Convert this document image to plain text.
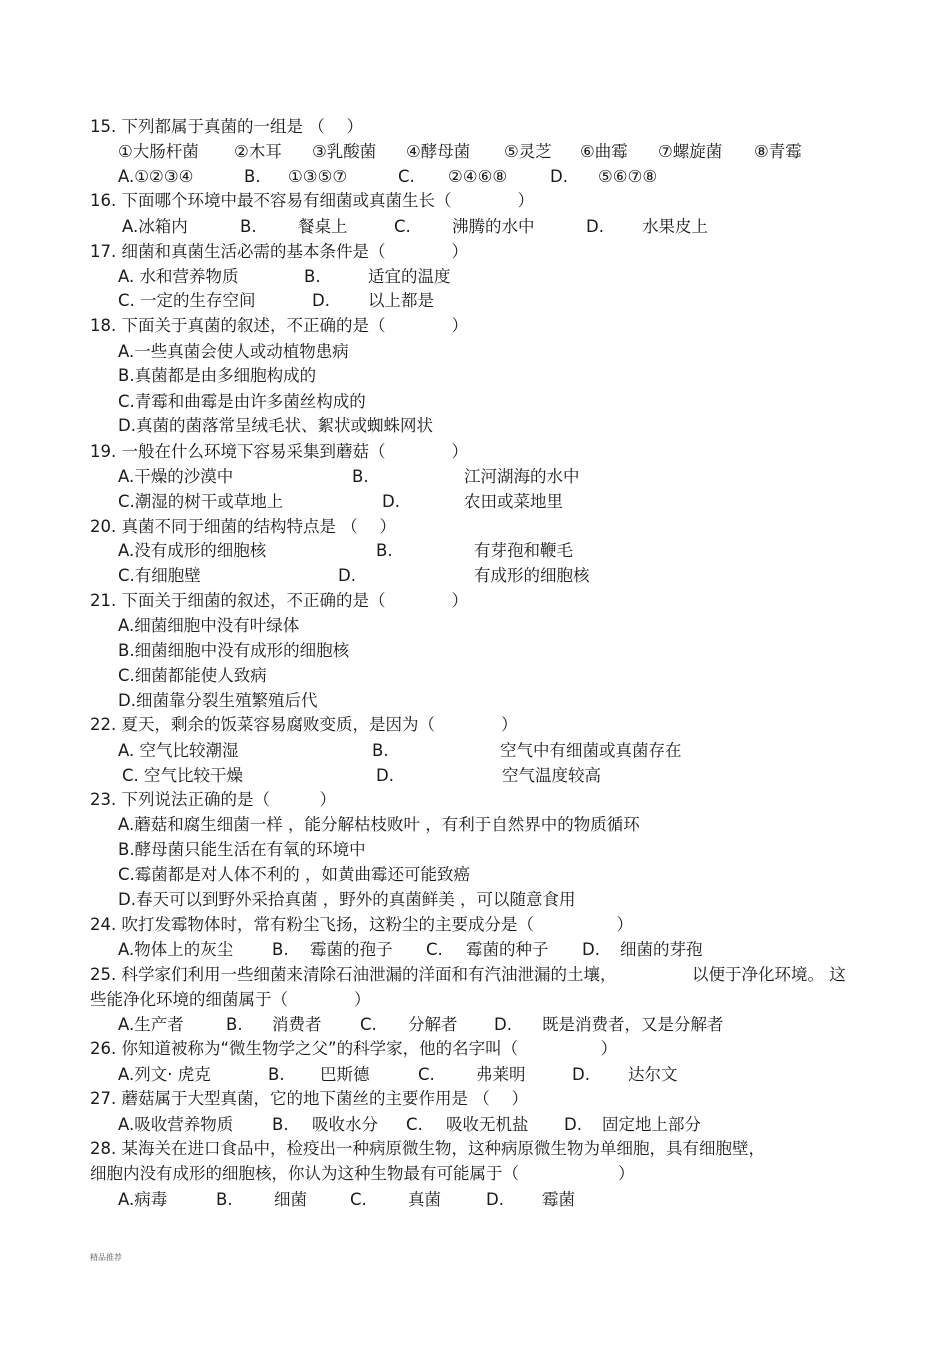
15. 下列都属于真菌的一组是 （　 ）
①大肠杆菌 ②木耳 ③乳酸菌 ④酵母菌 ⑤灵芝 ⑥曲霉 ⑦螺旋菌 ⑧青霉
A.①②③④	B. ①③⑤⑦	C. ②④⑥⑧	D. ⑤⑥⑦⑧
16. 下面哪个环境中最不容易有细菌或真菌生长（　　　　）
A.冰箱内	B.	餐桌上	C. 沸腾的水中	D. 水果皮上
17. 细菌和真菌生活必需的基本条件是（　　　　）
A. 水和营养物质	B.	适宜的温度
C. 一定的生存空间	D. 以上都是
18. 下面关于真菌的叙述，不正确的是（　　　　）
A.一些真菌会使人或动植物患病
B.真菌都是由多细胞构成的
C.青霉和曲霉是由许多菌丝构成的
D.真菌的菌落常呈绒毛状、絮状或蜘蛛网状
19. 一般在什么环境下容易采集到蘑菇（　　　　）
A.干燥的沙漠中	B.	江河湖海的水中
C.潮湿的树干或草地上	D.	农田或菜地里
20. 真菌不同于细菌的结构特点是 （　 ）
A.没有成形的细胞核	B.	有芽孢和鞭毛
C.有细胞壁	D.	有成形的细胞核
21. 下面关于细菌的叙述，不正确的是（　　　　）
A.细菌细胞中没有叶绿体
B.细菌细胞中没有成形的细胞核
C.细菌都能使人致病
D.细菌靠分裂生殖繁殖后代
22. 夏天，剩余的饭菜容易腐败变质，是因为（　　　　）
A. 空气比较潮湿	B.	空气中有细菌或真菌存在
C. 空气比较干燥	D.	空气温度较高
23. 下列说法正确的是（　　　）
A.蘑菇和腐生细菌一样 ，能分解枯枝败叶 ，有利于自然界中的物质循环
B.酵母菌只能生活在有氧的环境中
C.霉菌都是对人体不利的 ，如黄曲霉还可能致癌
D.春天可以到野外采拾真菌 ，野外的真菌鲜美 ，可以随意食用
24. 吹打发霉物体时，常有粉尘飞扬，这粉尘的主要成分是（　　　　　）
A.物体上的灰尘 B. 霉菌的孢子 C. 霉菌的种子 D. 细菌的芽孢
25. 科学家们利用一些细菌来清除石油泄漏的洋面和有汽油泄漏的土壤，	以便于净化环境。 这
些能净化环境的细菌属于（　　　　）
A.生产者	B. 消费者 C. 分解者 D. 既是消费者，又是分解者
26. 你知道被称为“微生物学之父”的科学家，他的名字叫（　　　　　）
A.列文· 虎克	B. 巴斯德	C. 弗莱明	D. 达尔文
27. 蘑菇属于大型真菌，它的地下菌丝的主要作用是 （　 ）
A.吸收营养物质 B. 吸收水分 C. 吸收无机盐 D. 固定地上部分
28. 某海关在进口食品中，检疫出一种病原微生物，这种病原微生物为单细胞，具有细胞壁，
细胞内没有成形的细胞核，你认为这种生物最有可能属于（　　　　　　）
A.病毒	B.	细菌	C. 真菌	D. 霉菌
精品推荐
